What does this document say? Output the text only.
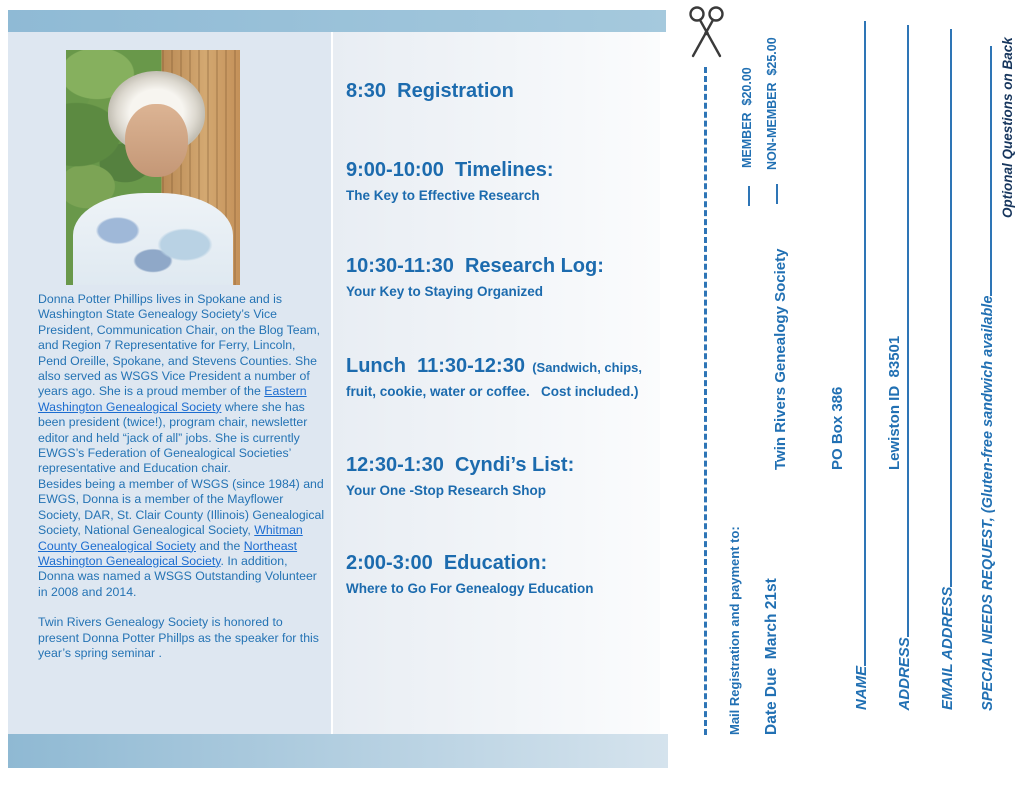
Donna Potter Phillips lives in Spokane and is Washington State Genealogy Society’s Vice President, Communication Chair, on the Blog Team, and Region 7 Representative for Ferry, Lincoln, Pend Oreille, Spokane, and Stevens Counties. She also served as WSGS Vice President a number of years ago. She is a proud member of the Eastern Washington Genealogical Society where she has been president (twice!), program chair, newsletter editor and held “jack of all” jobs. She is currently EWGS’s Federation of Genealogical Societies’ representative and Education chair.

Besides being a member of WSGS (since 1984) and EWGS, Donna is a member of the Mayflower Society, DAR, St. Clair County (Illinois) Genealogical Society, National Genealogical Society, Whitman County Genealogical Society and the Northeast Washington Genealogical Society. In addition, Donna was named a WSGS Outstanding Volunteer in 2008 and 2014.

Twin Rivers Genealogy Society is honored to present Donna Potter Phillps as the speaker for this year’s spring seminar .

8:30  Registration
9:00-10:00  Timelines:
The Key to Effective Research
10:30-11:30  Research Log:
Your Key to Staying Organized
Lunch  11:30-12:30  (Sandwich, chips,
fruit, cookie, water or coffee.   Cost included.)
12:30-1:30  Cyndi’s List:
Your One -Stop Research Shop
2:00-3:00  Education:
Where to Go For Genealogy Education
MEMBER  $20.00 NON-MEMBER  $25.00
Mail Registration and payment to:

Twin Rivers Genealogy Society

	PO Box 386

	Lewiston ID  83501

Date Due  March 21st	NAME
	ADDRESS
	EMAIL ADDRESS
	SPECIAL NEEDS REQUEST, (Gluten-free sandwich available

Optional Questions on Back
